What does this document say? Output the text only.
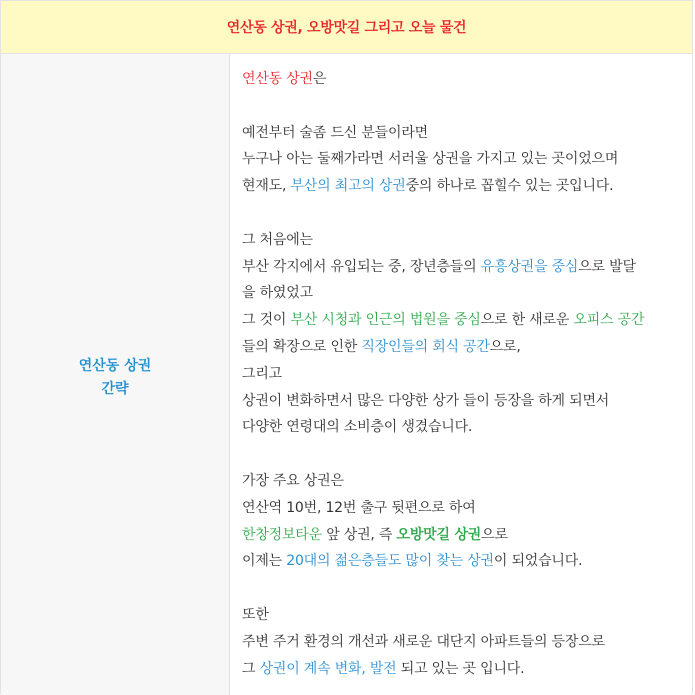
연산동 상권, 오방맛길 그리고 오늘 물건
연산동 상권
간략
연산동 상권은
예전부터 술좀 드신 분들이라면
누구나 아는 둘째가라면 서러울 상권을 가지고 있는 곳이었으며
현재도, 부산의 최고의 상권중의 하나로 꼽힐수 있는 곳입니다.
그 처음에는
부산 각지에서 유입되는 중, 장년층들의 유흥상권을 중심으로 발달
을 하였었고
그 것이 부산 시청과 인근의 법원을 중심으로 한 새로운 오피스 공간
들의 확장으로 인한 직장인들의 회식 공간으로,
그리고
상권이 변화하면서 많은 다양한 상가 들이 등장을 하게 되면서
다양한 연령대의 소비층이 생겼습니다.
가장 주요 상권은
연산역 10번, 12번 출구 뒷편으로 하여
한창정보타운 앞 상권, 즉 오방맛길 상권으로
이제는 20대의 젊은층들도 많이 찾는 상권이 되었습니다.
또한
주변 주거 환경의 개선과 새로운 대단지 아파트들의 등장으로
그 상권이 계속 변화, 발전 되고 있는 곳 입니다.
